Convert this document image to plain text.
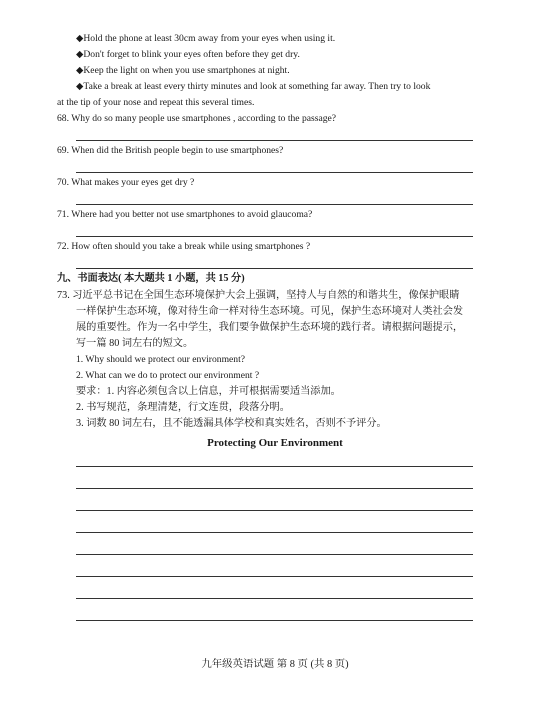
◆Hold the phone at least 30cm away from your eyes when using it.
◆Don't forget to blink your eyes often before they get dry.
◆Keep the light on when you use smartphones at night.
◆Take a break at least every thirty minutes and look at something far away. Then try to look
at the tip of your nose and repeat this several times.
68. Why do so many people use smartphones , according to the passage?
69. When did the British people begin to use smartphones?
70. What makes your eyes get dry ?
71. Where had you better not use smartphones to avoid glaucoma?
72. How often should you take a break while using smartphones ?
九、书面表达( 本大题共 1 小题，共 15 分)
73. 习近平总书记在全国生态环境保护大会上强调，坚持人与自然的和谐共生，像保护眼睛
一样保护生态环境，像对待生命一样对待生态环境。可见，保护生态环境对人类社会发
展的重要性。作为一名中学生，我们要争做保护生态环境的践行者。请根据问题提示，
写一篇 80 词左右的短文。
1. Why should we protect our environment?
2. What can we do to protect our environment ?
要求：1. 内容必须包含以上信息，并可根据需要适当添加。
2. 书写规范，条理清楚，行文连贯，段落分明。
3. 词数 80 词左右，且不能透漏具体学校和真实姓名，否则不予评分。
Protecting Our Environment
九年级英语试题 第 8 页 (共 8 页)
